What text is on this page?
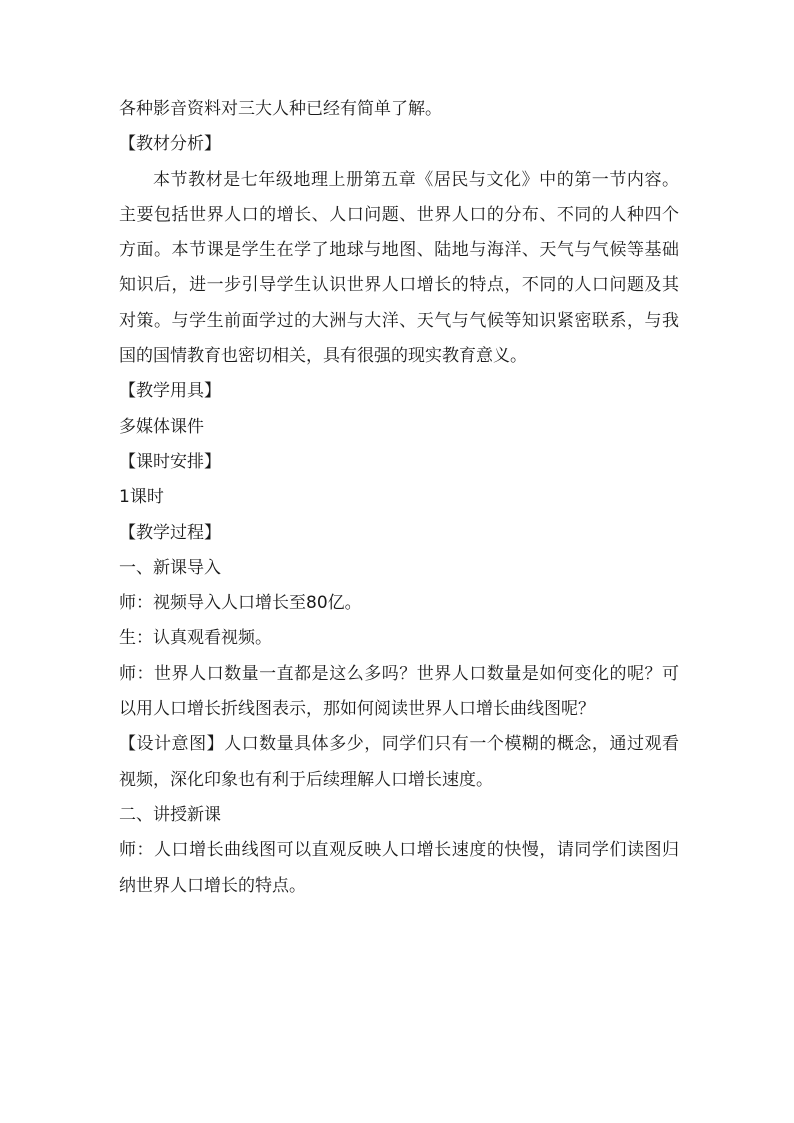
各种影音资料对三大人种已经有简单了解。

【教材分析】

本节教材是七年级地理上册第五章《居民与文化》中的第一节内容。主要包括世界人口的增长、人口问题、世界人口的分布、不同的人种四个方面。本节课是学生在学了地球与地图、陆地与海洋、天气与气候等基础知识后，进一步引导学生认识世界人口增长的特点，不同的人口问题及其对策。与学生前面学过的大洲与大洋、天气与气候等知识紧密联系，与我国的国情教育也密切相关，具有很强的现实教育意义。

【教学用具】

多媒体课件

【课时安排】

1课时

【教学过程】

一、新课导入

师：视频导入人口增长至80亿。

生：认真观看视频。

师：世界人口数量一直都是这么多吗？世界人口数量是如何变化的呢？可以用人口增长折线图表示，那如何阅读世界人口增长曲线图呢？

【设计意图】人口数量具体多少，同学们只有一个模糊的概念，通过观看视频，深化印象也有利于后续理解人口增长速度。

二、讲授新课

师：人口增长曲线图可以直观反映人口增长速度的快慢，请同学们读图归纳世界人口增长的特点。
